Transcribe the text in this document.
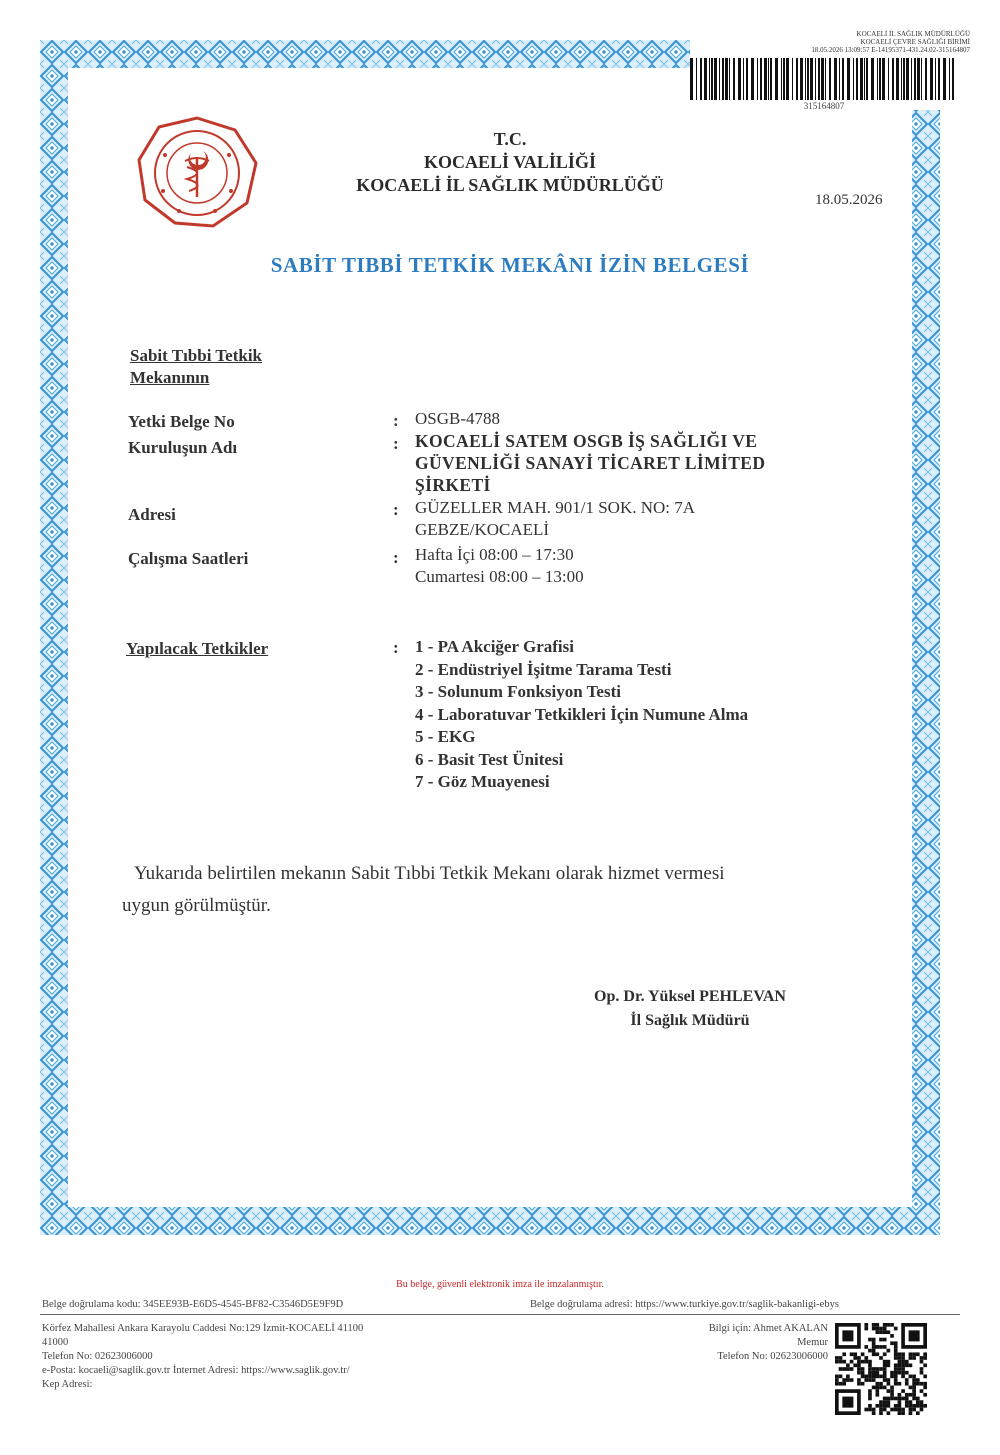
KOCAELİ İL SAĞLIK MÜDÜRLÜĞÜ
KOCAELİ ÇEVRE SAĞLIĞI BİRİMİ
18.05.2026 13:09:57 E-14195371-431.24.02-315164807
315164807
T.C.
KOCAELİ VALİLİĞİ
KOCAELİ İL SAĞLIK MÜDÜRLÜĞÜ
18.05.2026
SABİT TIBBİ TETKİK MEKÂNI İZİN BELGESİ
Sabit Tıbbi Tetkik
Mekanının
Yetki Belge No	: OSGB-4788
Kuruluşun Adı	: KOCAELİ SATEM OSGB İŞ SAĞLIĞI VE
GÜVENLİĞİ SANAYİ TİCARET LİMİTED
ŞİRKETİ
Adresi	: GÜZELLER MAH. 901/1 SOK. NO: 7A
GEBZE/KOCAELİ
Çalışma Saatleri	: Hafta İçi 08:00 – 17:30
Cumartesi 08:00 – 13:00
Yapılacak Tetkikler	: 1 - PA Akciğer Grafisi
2 - Endüstriyel İşitme Tarama Testi
3 - Solunum Fonksiyon Testi
4 - Laboratuvar Tetkikleri İçin Numune Alma
5 - EKG
6 - Basit Test Ünitesi
7 - Göz Muayenesi
Yukarıda belirtilen mekanın Sabit Tıbbi Tetkik Mekanı olarak hizmet vermesi
uygun görülmüştür.
Op. Dr. Yüksel PEHLEVAN
İl Sağlık Müdürü
Bu belge, güvenli elektronik imza ile imzalanmıştır.
Belge doğrulama kodu: 345EE93B-E6D5-4545-BF82-C3546D5E9F9D	Belge doğrulama adresi: https://www.turkiye.gov.tr/saglik-bakanligi-ebys
Körfez Mahallesi Ankara Karayolu Caddesi No:129 İzmit-KOCAELİ 41100
41000
Telefon No: 02623006000
e-Posta: kocaeli@saglik.gov.tr İnternet Adresi: https://www.saglik.gov.tr/
Kep Adresi:
Bilgi için: Ahmet AKALAN
Memur
Telefon No: 02623006000
